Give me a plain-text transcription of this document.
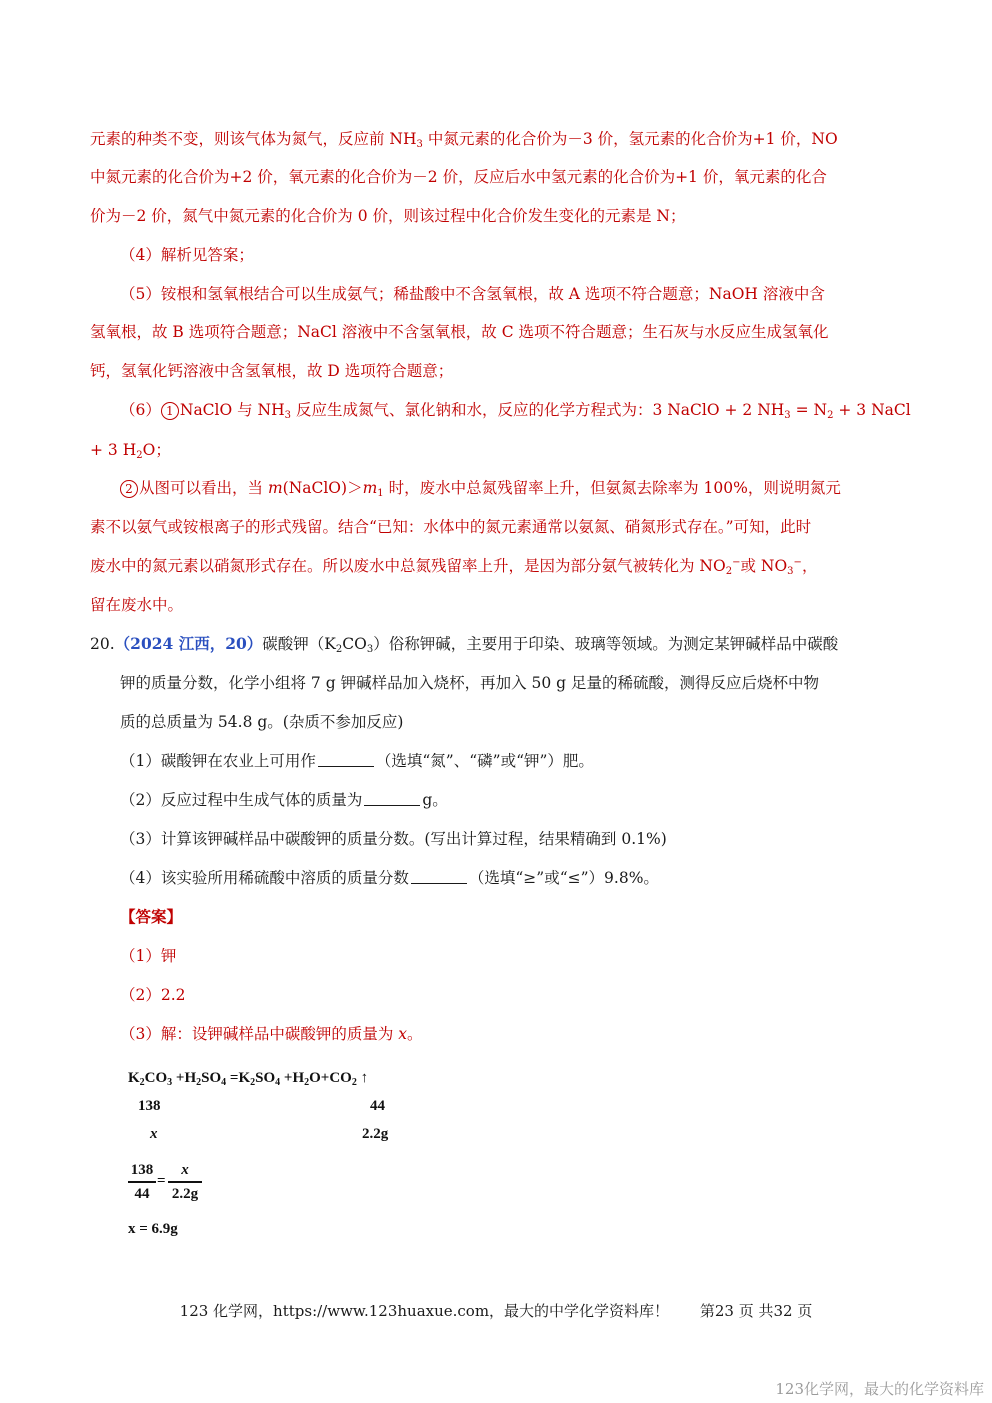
元素的种类不变，则该气体为氮气，反应前 $NH_3$ 中氮元素的化合价为－3 价，氢元素的化合价为+1 价，NO
中氮元素的化合价为+2 价，氧元素的化合价为－2 价，反应后水中氢元素的化合价为+1 价，氧元素的化合
价为－2 价，氮气中氮元素的化合价为 0 价，则该过程中化合价发生变化的元素是 N；
（4）解析见答案；
（5）铵根和氢氧根结合可以生成氨气；稀盐酸中不含氢氧根，故 A 选项不符合题意；NaOH 溶液中含
氢氧根，故 B 选项符合题意；NaCl 溶液中不含氢氧根，故 C 选项不符合题意；生石灰与水反应生成氢氧化
钙，氢氧化钙溶液中含氢氧根，故 D 选项符合题意；
（6） 1 NaClO 与 $NH_3$ 反应生成氮气、氯化钠和水，反应的化学方程式为：3 NaClO + 2 $NH_3 = N_2 + 3$ NaCl
+ 3 $H_2O$；
2 从图可以看出，当 $m(NaClO)>m_1$ 时，废水中总氮残留率上升，但氨氮去除率为 100%，则说明氮元
素不以氨气或铵根离子的形式残留。结合“已知：水体中的氮元素通常以氨氮、硝氮形式存在。”可知，此时
废水中的氮元素以硝氮形式存在。所以废水中总氮残留率上升，是因为部分氨气被转化为 $NO_2^-$或 $NO_3^-$，
留在废水中。
20.（2024 江西，20）碳酸钾$(K_2CO_3)$俗称钾碱，主要用于印染、玻璃等领域。为测定某钾碱样品中碳酸
钾的质量分数，化学小组将 7 g 钾碱样品加入烧杯，再加入 50 g 足量的稀硫酸，测得反应后烧杯中物
质的总质量为 54.8 g。(杂质不参加反应)
（1）碳酸钾在农业上可用作	（选填“氮”、“磷”或“钾”）肥。
（2）反应过程中生成气体的质量为	g。
（3）计算该钾碱样品中碳酸钾的质量分数。(写出计算过程，结果精确到 0.1%)
（4）该实验所用稀硫酸中溶质的质量分数	（选填“≥”或“≤”）9.8%。
【答案】
（1）钾
（2）2.2
（3）解：设钾碱样品中碳酸钾的质量为 x。
$K_2CO_3 +H_2SO_4 =K_2SO_4 +H_2O+CO_2$ ↑
138	44
x	2.2g
138
44
=
x
2.2g
x = 6.9g
123 化学网，https://www.123huaxue.com，最大的中学化学资料库！ 第23 页 共32 页
123化学网，最大的化学资料库
